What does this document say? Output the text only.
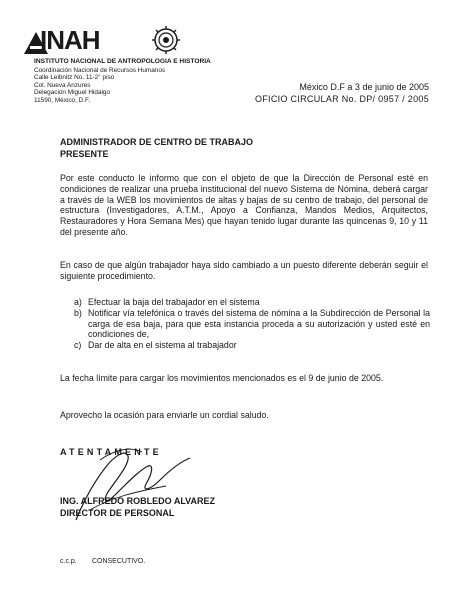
INAH
INSTITUTO NACIONAL DE ANTROPOLOGIA E HISTORIA
Coordinación Nacional de Recursos Humanos
Calle Leibnitz No. 11-2° piso
Col. Nueva Anzures
Delegación Miguel Hidalgo
11590, México, D.F.
México D.F a 3 de junio de 2005
OFICIO CIRCULAR No. DP/ 0957 / 2005
ADMINISTRADOR DE CENTRO DE TRABAJO
PRESENTE
Por este conducto le informo que con el objeto de que la Dirección de Personal esté en condiciones de realizar una prueba institucional del nuevo Sistema de Nómina, deberá cargar a través de la WEB los movimientos de altas y bajas de su centro de trabajo, del personal de estructura (Investigadores, A.T.M., Apoyo a Confianza, Mandos Medios, Arquitectos, Restauradores y Hora Semana Mes) que hayan tenido lugar durante las quincenas 9, 10 y 11 del presente año.
En caso de que algún trabajador haya sido cambiado a un puesto diferente deberán seguir el siguiente procedimiento.
a) Efectuar la baja del trabajador en el sistema
b) Notificar vía telefónica o través del sistema de nómina a la Subdirección de Personal la carga de esa baja, para que esta instancia proceda a su autorización y usted esté en condiciones de,
c) Dar de alta en el sistema al trabajador
La fecha límite para cargar los movimientos mencionados es el 9 de junio de 2005.
Aprovecho la ocasión para enviarle un cordial saludo.
ATENTAMENTE
ING. ALFREDO ROBLEDO ALVAREZ
DIRECTOR DE PERSONAL
c.c.p. CONSECUTIVO.
